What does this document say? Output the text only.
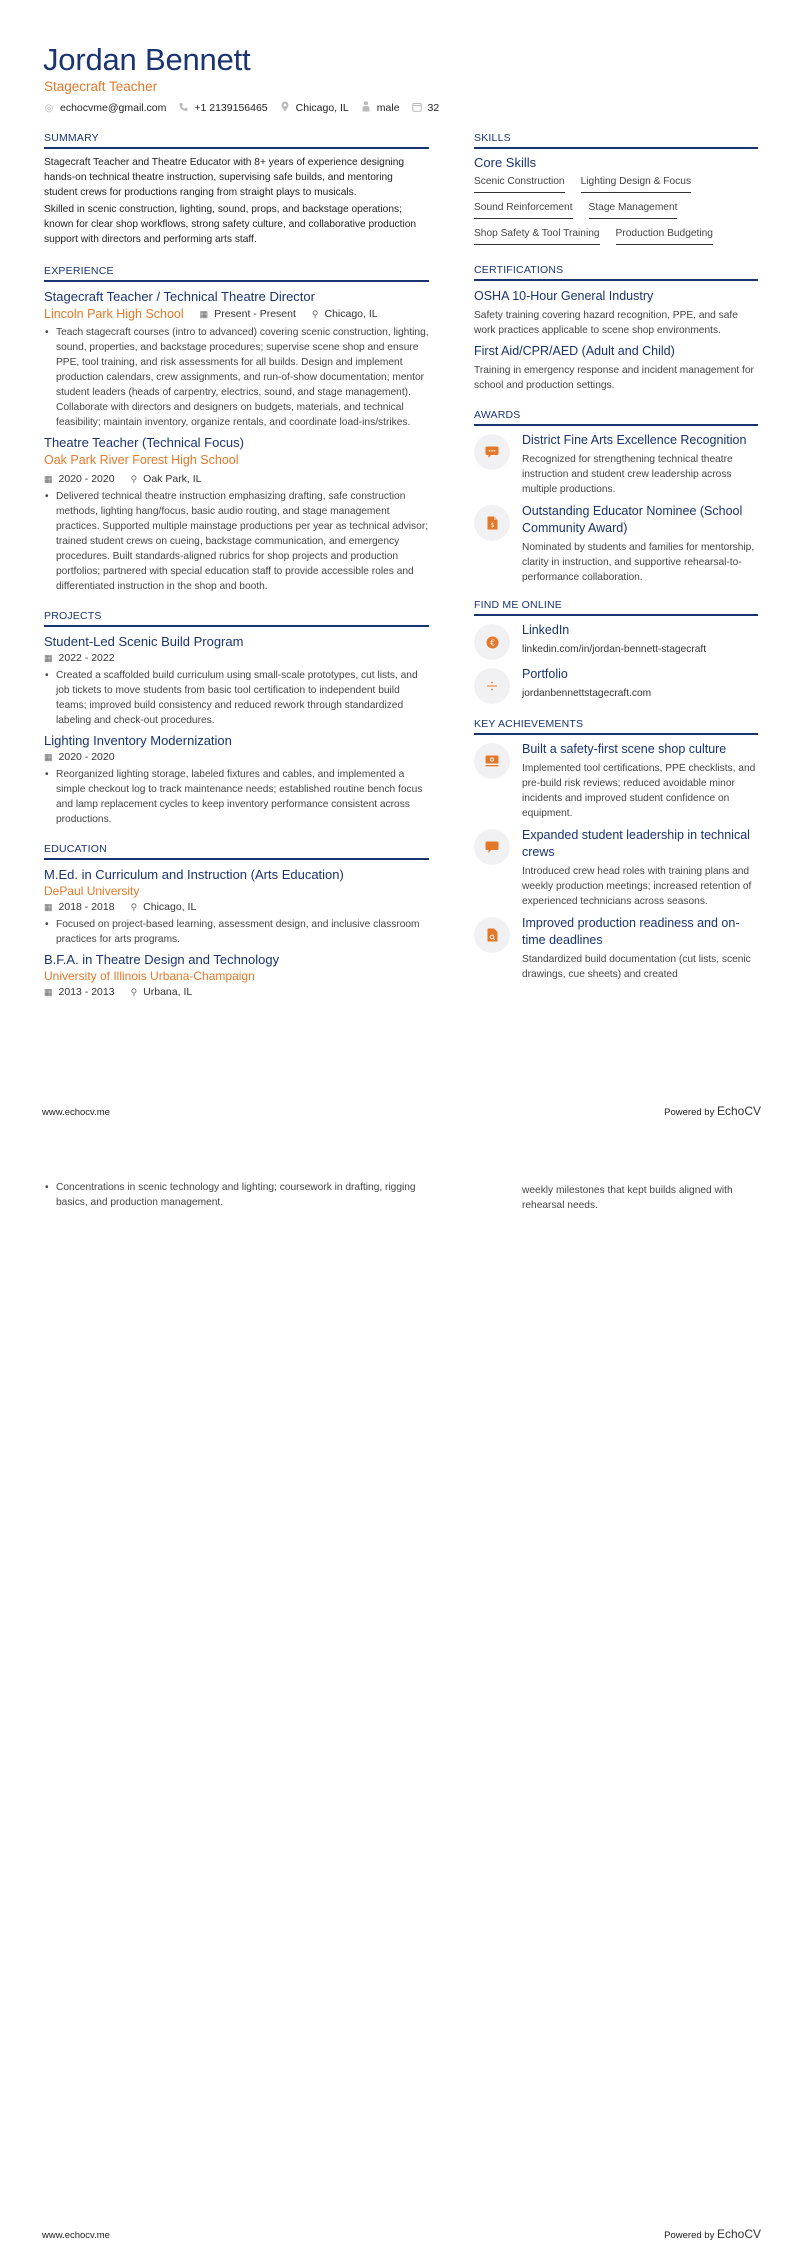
Jordan Bennett
Stagecraft Teacher
◎ echocvme@gmail.com	+1 2139156465	Chicago, IL	male	32
SUMMARY

Stagecraft Teacher and Theatre Educator with 8+ years of experience designing hands-on technical theatre instruction, supervising safe builds, and mentoring student crews for productions ranging from straight plays to musicals.

Skilled in scenic construction, lighting, sound, props, and backstage operations; known for clear shop workflows, strong safety culture, and collaborative production support with directors and performing arts staff.

EXPERIENCE
Stagecraft Teacher / Technical Theatre Director
Lincoln Park High School ▦ Present - Present ⚲ Chicago, IL
• Teach stagecraft courses (intro to advanced) covering scenic construction, lighting, sound, properties, and backstage procedures; supervise scene shop and ensure PPE, tool training, and risk assessments for all builds. Design and implement production calendars, crew assignments, and run-of-show documentation; mentor student leaders (heads of carpentry, electrics, sound, and stage management). Collaborate with directors and designers on budgets, materials, and technical feasibility; maintain inventory, organize rentals, and coordinate load-ins/strikes.
Theatre Teacher (Technical Focus)
Oak Park River Forest High School
▦ 2020 - 2020 ⚲ Oak Park, IL
• Delivered technical theatre instruction emphasizing drafting, safe construction methods, lighting hang/focus, basic audio routing, and stage management practices. Supported multiple mainstage productions per year as technical advisor; trained student crews on cueing, backstage communication, and emergency procedures. Built standards-aligned rubrics for shop projects and production portfolios; partnered with special education staff to provide accessible roles and differentiated instruction in the shop and booth.
PROJECTS
Student-Led Scenic Build Program
▦ 2022 - 2022
• Created a scaffolded build curriculum using small-scale prototypes, cut lists, and job tickets to move students from basic tool certification to independent build teams; improved build consistency and reduced rework through standardized labeling and check-out procedures.
Lighting Inventory Modernization
▦ 2020 - 2020
• Reorganized lighting storage, labeled fixtures and cables, and implemented a simple checkout log to track maintenance needs; established routine bench focus and lamp replacement cycles to keep inventory performance consistent across productions.
EDUCATION
M.Ed. in Curriculum and Instruction (Arts Education)
DePaul University
▦ 2018 - 2018 ⚲ Chicago, IL
• Focused on project-based learning, assessment design, and inclusive classroom practices for arts programs.
B.F.A. in Theatre Design and Technology
University of Illinois Urbana-Champaign
▦ 2013 - 2013 ⚲ Urbana, IL
SKILLS
Core Skills
Scenic Construction Lighting Design & Focus
Sound Reinforcement Stage Management
Shop Safety & Tool Training Production Budgeting
CERTIFICATIONS
OSHA 10-Hour General Industry
Safety training covering hazard recognition, PPE, and safe work practices applicable to scene shop environments.
First Aid/CPR/AED (Adult and Child)
Training in emergency response and incident management for school and production settings.
AWARDS
District Fine Arts Excellence Recognition
Recognized for strengthening technical theatre instruction and student crew leadership across multiple productions.
$
Outstanding Educator Nominee (School Community Award)
Nominated by students and families for mentorship, clarity in instruction, and supportive rehearsal-to-performance collaboration.
FIND ME ONLINE
€
LinkedIn
linkedin.com/in/jordan-bennett-stagecraft
Portfolio
jordanbennettstagecraft.com
KEY ACHIEVEMENTS
Built a safety-first scene shop culture
Implemented tool certifications, PPE checklists, and pre-build risk reviews; reduced avoidable minor incidents and improved student confidence on equipment.
Expanded student leadership in technical crews
Introduced crew head roles with training plans and weekly production meetings; increased retention of experienced technicians across seasons.
Improved production readiness and on-time deadlines
Standardized build documentation (cut lists, scenic drawings, cue sheets) and created
www.echocv.me	Powered by EchoCV
• Concentrations in scenic technology and lighting; coursework in drafting, rigging basics, and production management.
weekly milestones that kept builds aligned with rehearsal needs.
www.echocv.me	Powered by EchoCV
